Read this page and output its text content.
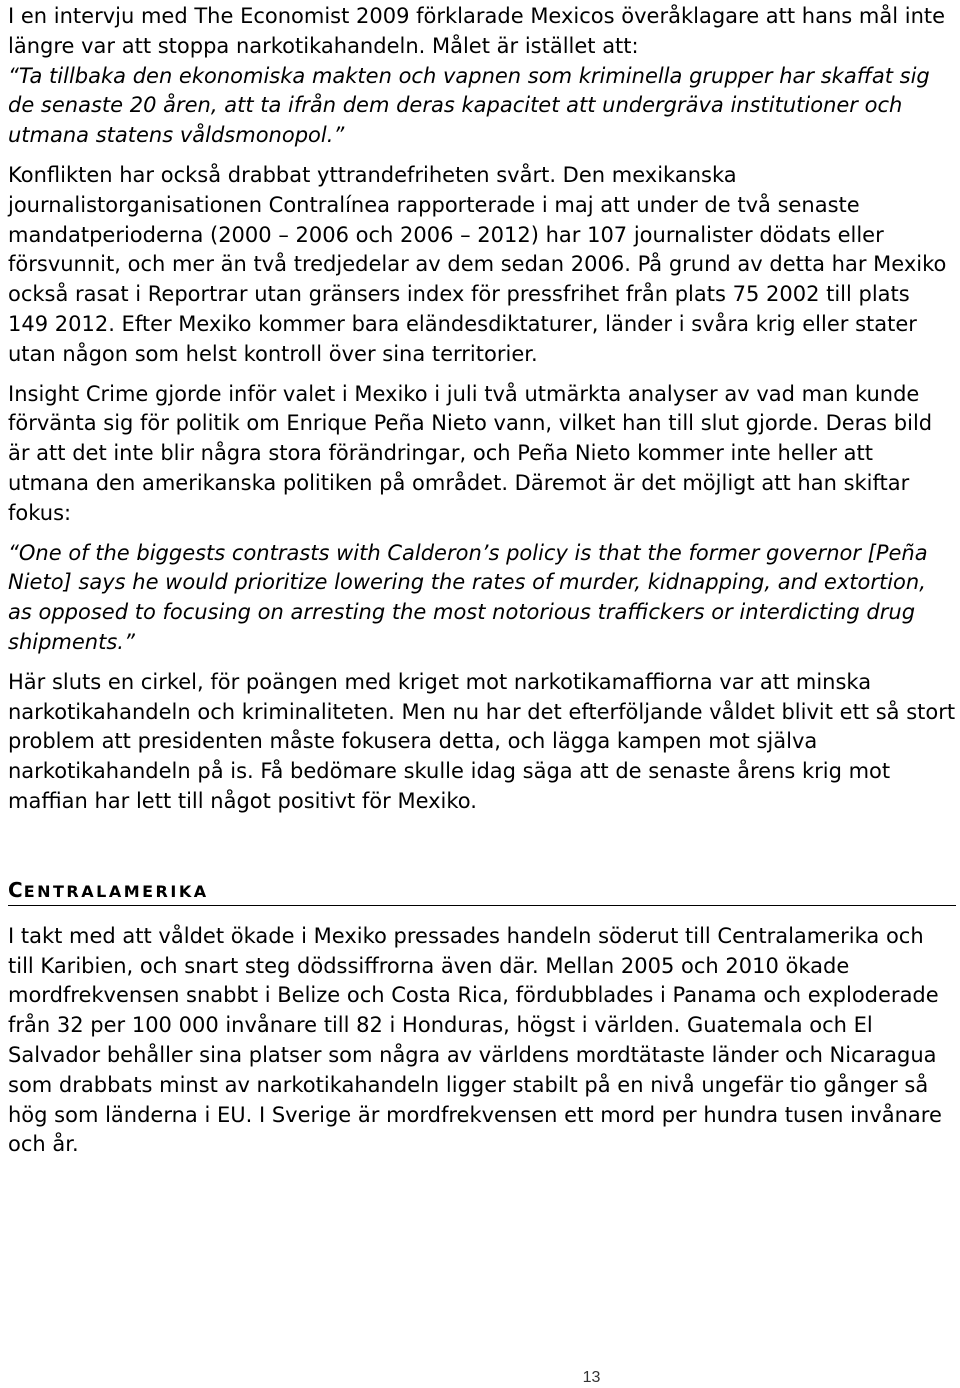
I en intervju med The Economist 2009 förklarade Mexicos överåklagare att hans mål inte längre var att stoppa narkotikahandeln. Målet är istället att:

“Ta tillbaka den ekonomiska makten och vapnen som kriminella grupper har skaffat sig de senaste 20 åren, att ta ifrån dem deras kapacitet att undergräva institutioner och utmana statens våldsmonopol.”

Konflikten har också drabbat yttrandefriheten svårt. Den mexikanska journalistorganisationen Contralínea rapporterade i maj att under de två senaste mandatperioderna (2000 – 2006 och 2006 – 2012) har 107 journalister dödats eller försvunnit, och mer än två tredjedelar av dem sedan 2006. På grund av detta har Mexiko också rasat i Reportrar utan gränsers index för pressfrihet från plats 75 2002 till plats 149 2012. Efter Mexiko kommer bara eländesdiktaturer, länder i svåra krig eller stater utan någon som helst kontroll över sina territorier.

Insight Crime gjorde inför valet i Mexiko i juli två utmärkta analyser av vad man kunde förvänta sig för politik om Enrique Peña Nieto vann, vilket han till slut gjorde. Deras bild är att det inte blir några stora förändringar, och Peña Nieto kommer inte heller att utmana den amerikanska politiken på området. Däremot är det möjligt att han skiftar fokus:

“One of the biggests contrasts with Calderon’s policy is that the former governor [Peña Nieto] says he would prioritize lowering the rates of murder, kidnapping, and extortion, as opposed to focusing on arresting the most notorious traffickers or interdicting drug shipments.”

Här sluts en cirkel, för poängen med kriget mot narkotikamaffiorna var att minska narkotikahandeln och kriminaliteten. Men nu har det efterföljande våldet blivit ett så stort problem att presidenten måste fokusera detta, och lägga kampen mot själva narkotikahandeln på is. Få bedömare skulle idag säga att de senaste årens krig mot maffian har lett till något positivt för Mexiko.

CENTRALAMERIKA

I takt med att våldet ökade i Mexiko pressades handeln söderut till Centralamerika och till Karibien, och snart steg dödssiffrorna även där. Mellan 2005 och 2010 ökade mordfrekvensen snabbt i Belize och Costa Rica, fördubblades i Panama och exploderade från 32 per 100 000 invånare till 82 i Honduras, högst i världen. Guatemala och El Salvador behåller sina platser som några av världens mordtätaste länder och Nicaragua som drabbats minst av narkotikahandeln ligger stabilt på en nivå ungefär tio gånger så hög som länderna i EU. I Sverige är mordfrekvensen ett mord per hundra tusen invånare och år.

13
